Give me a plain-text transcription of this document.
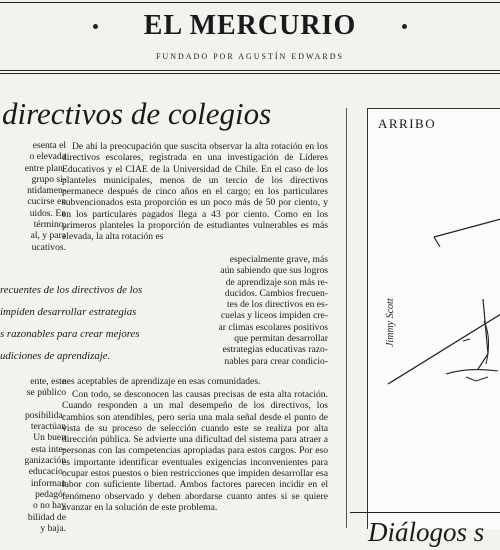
EL MERCURIO
FUNDADO POR AGUSTÍN EDWARDS
directivos de colegios
esenta el
o elevada
entre plan-
grupo si-
ntidamen-
cucirse en
uidos. En
término,
al, y para
ucativos.

recuentes de los directivos de los

impiden desarrollar estrategias

s razonables para crear mejores

udiciones de aprendizaje.

ente, este
se público

posibilida-
teractúan
Un buen
esta inte-
ganización
educacio-
informan
pedagó-
o no hay
bilidad de
y baja.

De ahí la preocupación que suscita observar la alta rotación en los directivos escolares, registrada en una investigación de Líderes Educativos y el CIAE de la Universidad de Chile. En el caso de los planteles municipales, menos de un tercio de los directivos permanece después de cinco años en el cargo; en los particulares subvencionados esta proporción es un poco más de 50 por ciento, y en los particulares pagados llega a 43 por ciento. Como en los primeros planteles la proporción de estudiantes vulnerables es más elevada, la alta rotación es

especialmente grave, más
aún sabiendo que sus logros
de aprendizaje son más re-
ducidos. Cambios frecuen-
tes de los directivos en es-
cuelas y liceos impiden cre-
ar climas escolares positivos
que permitan desarrollar
estrategias educativas razo-
nables para crear condicio-

nes aceptables de aprendizaje en esas comunidades.

Con todo, se desconocen las causas precisas de esta alta rotación. Cuando responden a un mal desempeño de los directivos, los cambios son atendibles, pero sería una mala señal desde el punto de vista de su proceso de selección cuando este se realiza por alta dirección pública. Se advierte una dificultad del sistema para atraer a personas con las competencias apropiadas para estos cargos. Por eso es importante identificar eventuales exigencias inconvenientes para ocupar estos puestos o bien restricciones que impiden desarrollar esa labor con suficiente libertad. Ambos factores parecen incidir en el fenómeno observado y deben abordarse cuanto antes si se quiere avanzar en la solución de este problema.

Jimmy Scott
ARRIBO
Diálogos s
